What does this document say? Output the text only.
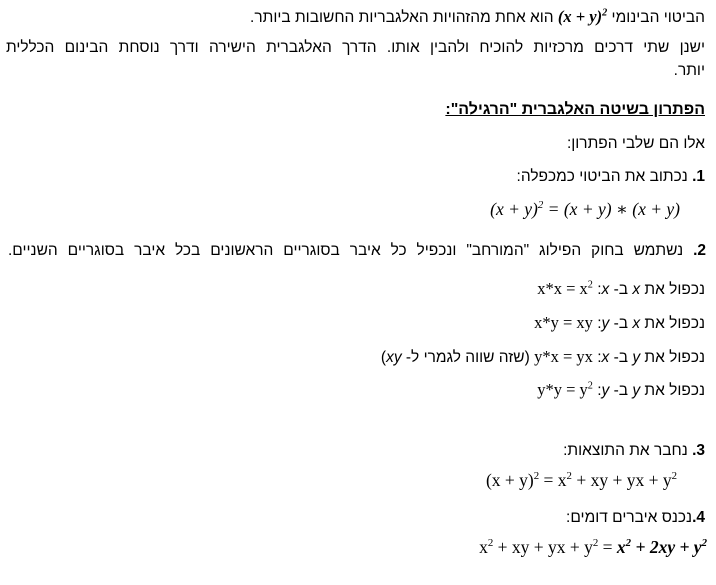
הביטוי הבינומי $(x + y)^2$ הוא אחת מהזהויות האלגבריות החשובות ביותר.
ישנן שתי דרכים מרכזיות להוכיח ולהבין אותו. הדרך האלגברית הישירה ודרך נוסחת הבינום הכללית
יותר.
הפתרון בשיטה האלגברית "הרגילה":
אלו הם שלבי הפתרון:
1. נכתוב את הביטוי כמכפלה:
$(x + y)^2 = (x + y)$ ∗ (x + y)
2. נשתמש בחוק הפילוג "המורחב" ונכפיל כל איבר בסוגריים הראשונים בכל איבר בסוגריים השניים.
נכפול את x ב- x: $x*x = x^2$
נכפול את x ב- y: x*y = xy
נכפול את y ב- x: y*x = yx (שזה שווה לגמרי ל- xy)
נכפול את y ב- y: $y*y = y^2$
3. נחבר את התוצאות:
$(x + y)^2 = x^2$ + xy + yx + $y^2$
4.נכנס איברים דומים:
$x^2$ + xy + yx + $y^2 = x^2 + 2xy + y^2$
